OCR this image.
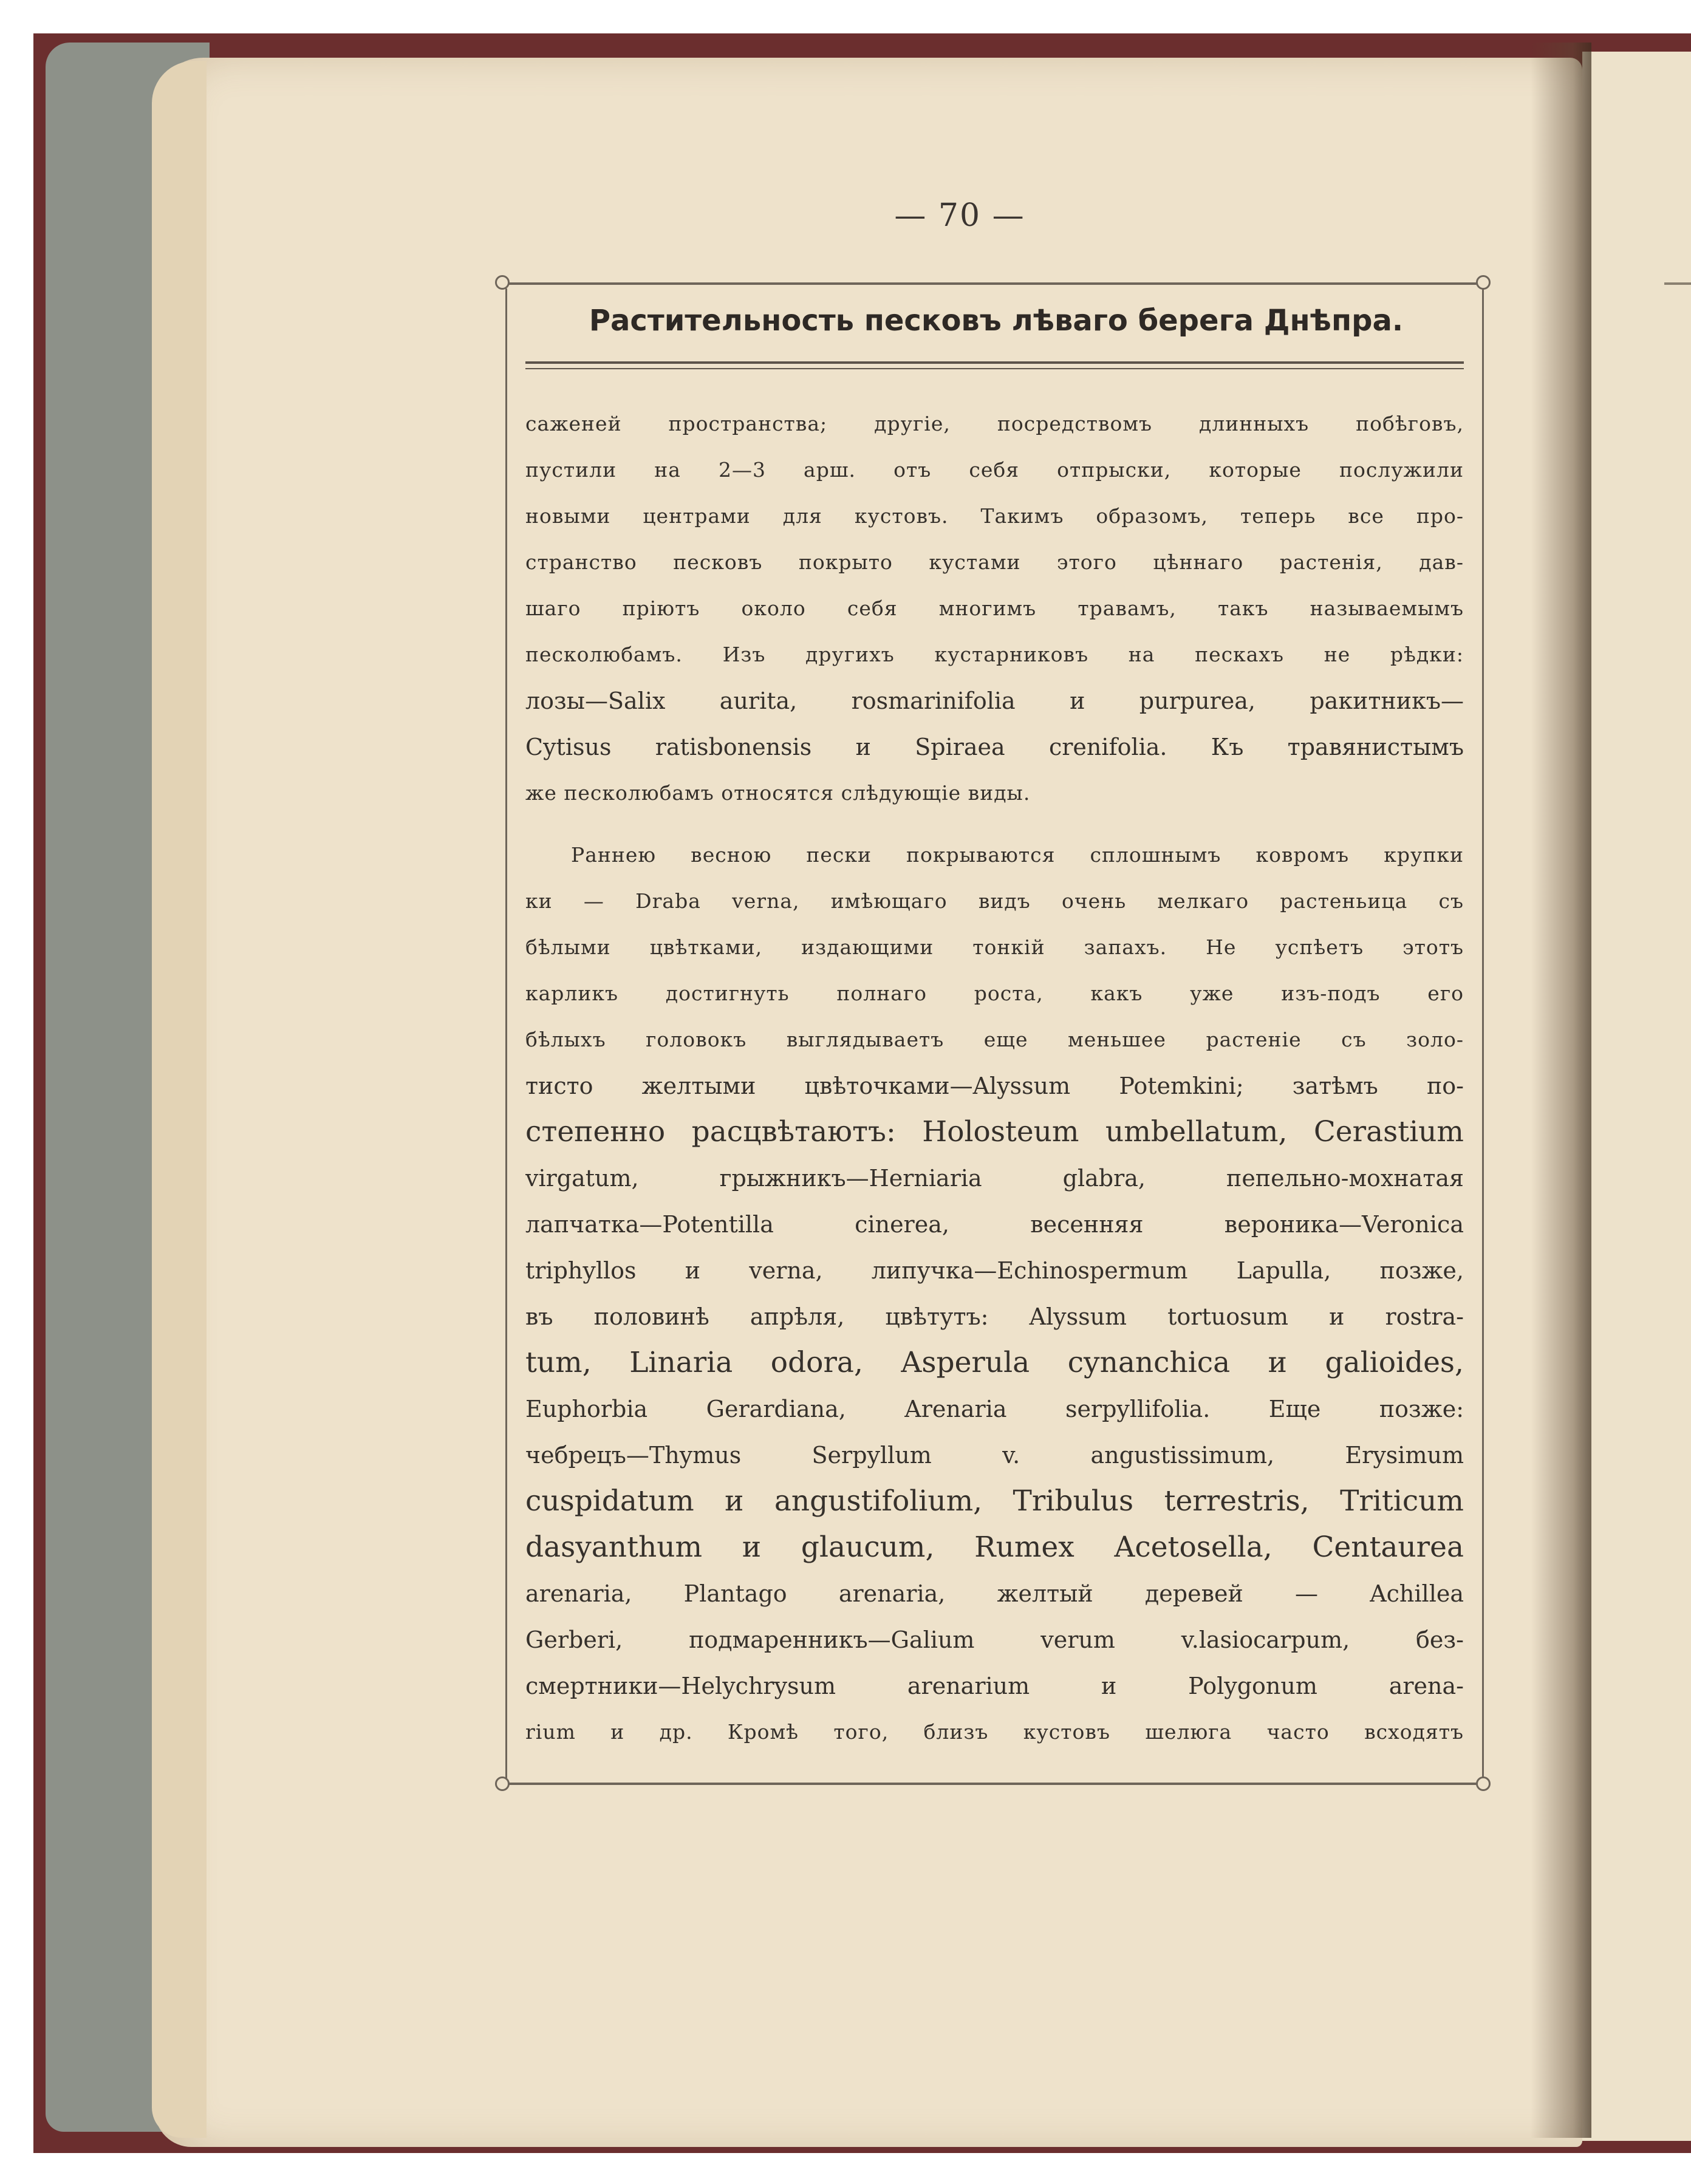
— 70 —
Растительность песковъ лѣваго берега Днѣпра.
саженей пространства; другiе, посредствомъ длинныхъ побѣговъ,
пустили на 2—3 арш. отъ себя отпрыски, которые послужили
новыми центрами для кустовъ. Такимъ образомъ, теперь все про-
странство песковъ покрыто кустами этого цѣннаго растенiя, дав-
шаго прiютъ около себя многимъ травамъ, такъ называемымъ
песколюбамъ. Изъ другихъ кустарниковъ на пескахъ не рѣдки:
лозы—Salix aurita, rosmarinifolia и purpurea, ракитникъ—
Cytisus ratisbonensis и Spiraea crenifolia. Къ травянистымъ
же песколюбамъ относятся слѣдующiе виды.
Раннею весною пески покрываются сплошнымъ ковромъ крупки
ки — Draba verna, имѣющаго видъ очень мелкаго растеньица съ
бѣлыми цвѣтками, издающими тонкiй запахъ. Не успѣетъ этотъ
карликъ достигнуть полнаго роста, какъ уже изъ-подъ его
бѣлыхъ головокъ выглядываетъ еще меньшее растенiе съ золо-
тисто желтыми цвѣточками—Alyssum Potemkini; затѣмъ по-
степенно расцвѣтаютъ: Holosteum umbellatum, Cerastium
virgatum, грыжникъ—Herniaria glabra, пепельно-мохнатая
лапчатка—Potentilla cinerea, весенняя вероника—Veronica
triphyllos и verna, липучка—Echinospermum Lapulla, позже,
въ половинѣ апрѣля, цвѣтутъ: Alyssum tortuosum и rostra-
tum, Linaria odora, Asperula cynanchica и galioides,
Euphorbia Gerardiana, Arenaria serpyllifolia. Еще позже:
чебрецъ—Thymus Serpyllum v. angustissimum, Erysimum
cuspidatum и angustifolium, Tribulus terrestris, Triticum
dasyanthum и glaucum, Rumex Acetosella, Centaurea
arenaria, Plantago arenaria, желтый деревей — Achillea
Gerberi, подмаренникъ—Galium verum v.lasiocarpum, без-
смертники—Helychrysum arenarium и Polygonum arena-
rium и др. Кромѣ того, близъ кустовъ шелюга часто всходятъ
